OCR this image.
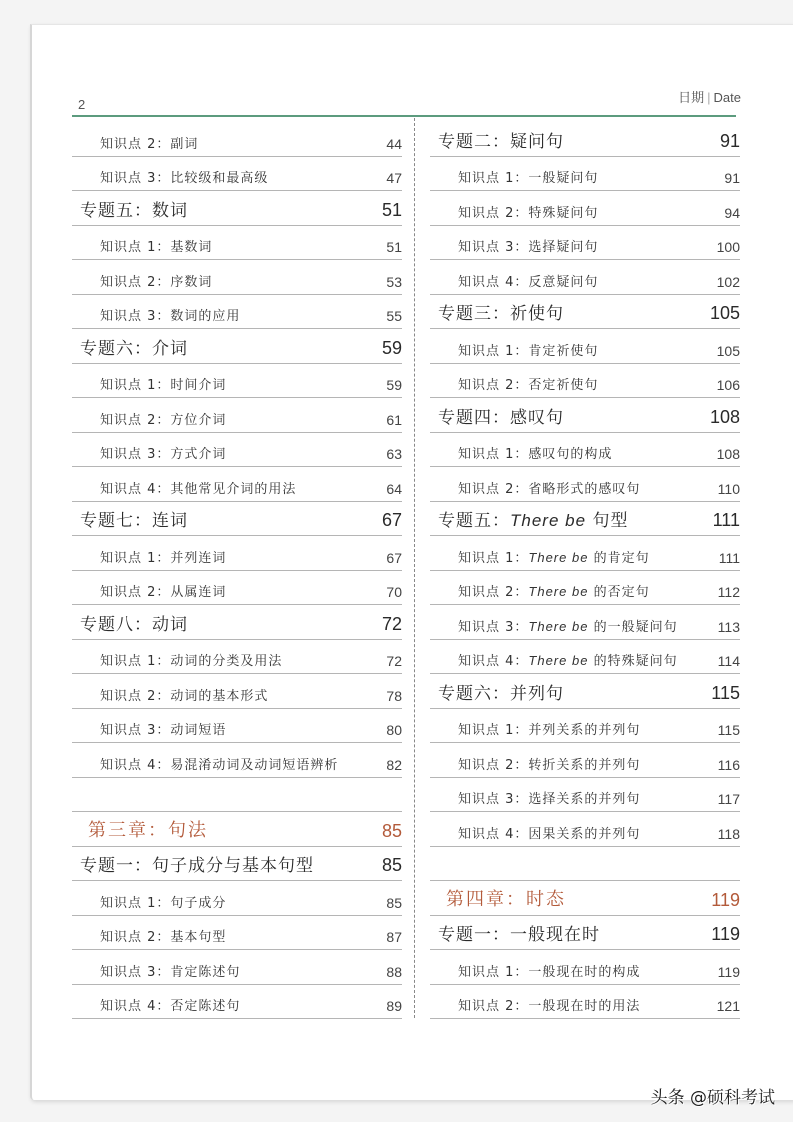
2	日期 | Date
知识点 2：副词	44
知识点 3：比较级和最高级	47
专题五：数词	51
知识点 1：基数词	51
知识点 2：序数词	53
知识点 3：数词的应用	55
专题六：介词	59
知识点 1：时间介词	59
知识点 2：方位介词	61
知识点 3：方式介词	63
知识点 4：其他常见介词的用法	64
专题七：连词	67
知识点 1：并列连词	67
知识点 2：从属连词	70
专题八：动词	72
知识点 1：动词的分类及用法	72
知识点 2：动词的基本形式	78
知识点 3：动词短语	80
知识点 4：易混淆动词及动词短语辨析	82
第三章：句法	85
专题一：句子成分与基本句型	85
知识点 1：句子成分	85
知识点 2：基本句型	87
知识点 3：肯定陈述句	88
知识点 4：否定陈述句	89
专题二：疑问句	91
知识点 1：一般疑问句	91
知识点 2：特殊疑问句	94
知识点 3：选择疑问句	100
知识点 4：反意疑问句	102
专题三：祈使句	105
知识点 1：肯定祈使句	105
知识点 2：否定祈使句	106
专题四：感叹句	108
知识点 1：感叹句的构成	108
知识点 2：省略形式的感叹句	110
专题五：There be 句型	111
知识点 1：There be 的肯定句	111
知识点 2：There be 的否定句	112
知识点 3：There be 的一般疑问句	113
知识点 4：There be 的特殊疑问句	114
专题六：并列句	115
知识点 1：并列关系的并列句	115
知识点 2：转折关系的并列句	116
知识点 3：选择关系的并列句	117
知识点 4：因果关系的并列句	118
第四章：时态	119
专题一：一般现在时	119
知识点 1：一般现在时的构成	119
知识点 2：一般现在时的用法	121
头条 @硕科考试
